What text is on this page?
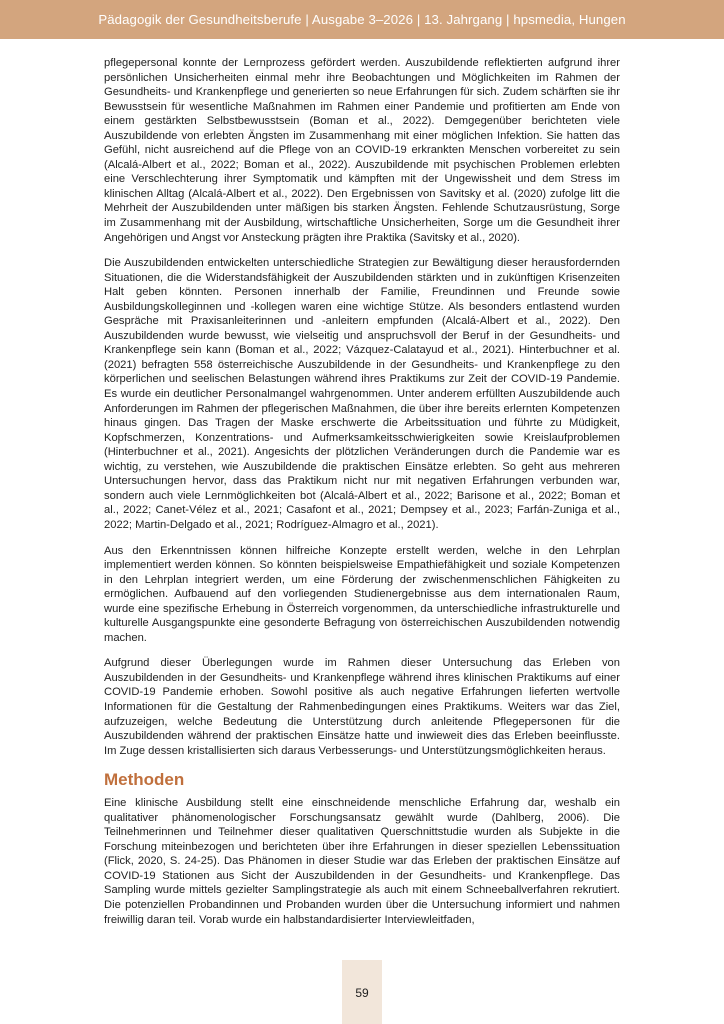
Pädagogik der Gesundheitsberufe | Ausgabe 3–2026 | 13. Jahrgang | hpsmedia, Hungen

pflegepersonal konnte der Lernprozess gefördert werden. Auszubildende reflektierten aufgrund ihrer persönlichen Unsicherheiten einmal mehr ihre Beobachtungen und Möglichkeiten im Rahmen der Gesundheits- und Krankenpflege und generierten so neue Erfahrungen für sich. Zudem schärften sie ihr Bewusstsein für wesentliche Maßnahmen im Rahmen einer Pandemie und profitierten am Ende von einem gestärkten Selbstbewusstsein (Boman et al., 2022). Demgegenüber berichteten viele Auszubildende von erlebten Ängsten im Zusammenhang mit einer möglichen Infektion. Sie hatten das Gefühl, nicht ausreichend auf die Pflege von an COVID-19 erkrankten Menschen vorbereitet zu sein (Alcalá-Albert et al., 2022; Boman et al., 2022). Auszubildende mit psychischen Problemen erlebten eine Verschlechterung ihrer Symptomatik und kämpften mit der Ungewissheit und dem Stress im klinischen Alltag (Alcalá-Albert et al., 2022). Den Ergebnissen von Savitsky et al. (2020) zufolge litt die Mehrheit der Auszubildenden unter mäßigen bis starken Ängsten. Fehlende Schutzausrüstung, Sorge im Zusammenhang mit der Ausbildung, wirtschaftliche Unsicherheiten, Sorge um die Gesundheit ihrer Angehörigen und Angst vor Ansteckung prägten ihre Praktika (Savitsky et al., 2020).

Die Auszubildenden entwickelten unterschiedliche Strategien zur Bewältigung dieser herausfordernden Situationen, die die Widerstandsfähigkeit der Auszubildenden stärkten und in zukünftigen Krisenzeiten Halt geben könnten. Personen innerhalb der Familie, Freundinnen und Freunde sowie Ausbildungskolleginnen und -kollegen waren eine wichtige Stütze. Als besonders entlastend wurden Gespräche mit Praxisanleiterinnen und -anleitern empfunden (Alcalá-Albert et al., 2022). Den Auszubildenden wurde bewusst, wie vielseitig und anspruchsvoll der Beruf in der Gesundheits- und Krankenpflege sein kann (Boman et al., 2022; Vázquez-Calatayud et al., 2021). Hinterbuchner et al. (2021) befragten 558 österreichische Auszubildende in der Gesundheits- und Krankenpflege zu den körperlichen und seelischen Belastungen während ihres Praktikums zur Zeit der COVID-19 Pandemie. Es wurde ein deutlicher Personalmangel wahrgenommen. Unter anderem erfüllten Auszubildende auch Anforderungen im Rahmen der pflegerischen Maßnahmen, die über ihre bereits erlernten Kompetenzen hinaus gingen. Das Tragen der Maske erschwerte die Arbeitssituation und führte zu Müdigkeit, Kopfschmerzen, Konzentrations- und Aufmerksamkeitsschwierigkeiten sowie Kreislaufproblemen (Hinterbuchner et al., 2021). Angesichts der plötzlichen Veränderungen durch die Pandemie war es wichtig, zu verstehen, wie Auszubildende die praktischen Einsätze erlebten. So geht aus mehreren Untersuchungen hervor, dass das Praktikum nicht nur mit negativen Erfahrungen verbunden war, sondern auch viele Lernmöglichkeiten bot (Alcalá-Albert et al., 2022; Barisone et al., 2022; Boman et al., 2022; Canet-Vélez et al., 2021; Casafont et al., 2021; Dempsey et al., 2023; Farfán-Zuniga et al., 2022; Martin-Delgado et al., 2021; Rodríguez-Almagro et al., 2021).

Aus den Erkenntnissen können hilfreiche Konzepte erstellt werden, welche in den Lehrplan implementiert werden können. So könnten beispielsweise Empathiefähigkeit und soziale Kompetenzen in den Lehrplan integriert werden, um eine Förderung der zwischenmenschlichen Fähigkeiten zu ermöglichen. Aufbauend auf den vorliegenden Studienergebnisse aus dem internationalen Raum, wurde eine spezifische Erhebung in Österreich vorgenommen, da unterschiedliche infrastrukturelle und kulturelle Ausgangspunkte eine gesonderte Befragung von österreichischen Auszubildenden notwendig machen.

Aufgrund dieser Überlegungen wurde im Rahmen dieser Untersuchung das Erleben von Auszubildenden in der Gesundheits- und Krankenpflege während ihres klinischen Praktikums auf einer COVID-19 Pandemie erhoben. Sowohl positive als auch negative Erfahrungen lieferten wertvolle Informationen für die Gestaltung der Rahmenbedingungen eines Praktikums. Weiters war das Ziel, aufzuzeigen, welche Bedeutung die Unterstützung durch anleitende Pflegepersonen für die Auszubildenden während der praktischen Einsätze hatte und inwieweit dies das Erleben beeinflusste. Im Zuge dessen kristallisierten sich daraus Verbesserungs- und Unterstützungsmöglichkeiten heraus.

Methoden

Eine klinische Ausbildung stellt eine einschneidende menschliche Erfahrung dar, weshalb ein qualitativer phänomenologischer Forschungsansatz gewählt wurde (Dahlberg, 2006). Die Teilnehmerinnen und Teilnehmer dieser qualitativen Querschnittstudie wurden als Subjekte in die Forschung miteinbezogen und berichteten über ihre Erfahrungen in dieser speziellen Lebenssituation (Flick, 2020, S. 24-25). Das Phänomen in dieser Studie war das Erleben der praktischen Einsätze auf COVID-19 Stationen aus Sicht der Auszubildenden in der Gesundheits- und Krankenpflege. Das Sampling wurde mittels gezielter Samplingstrategie als auch mit einem Schneeballverfahren rekrutiert. Die potenziellen Probandinnen und Probanden wurden über die Untersuchung informiert und nahmen freiwillig daran teil. Vorab wurde ein halbstandardisierter Interviewleitfaden,

59
